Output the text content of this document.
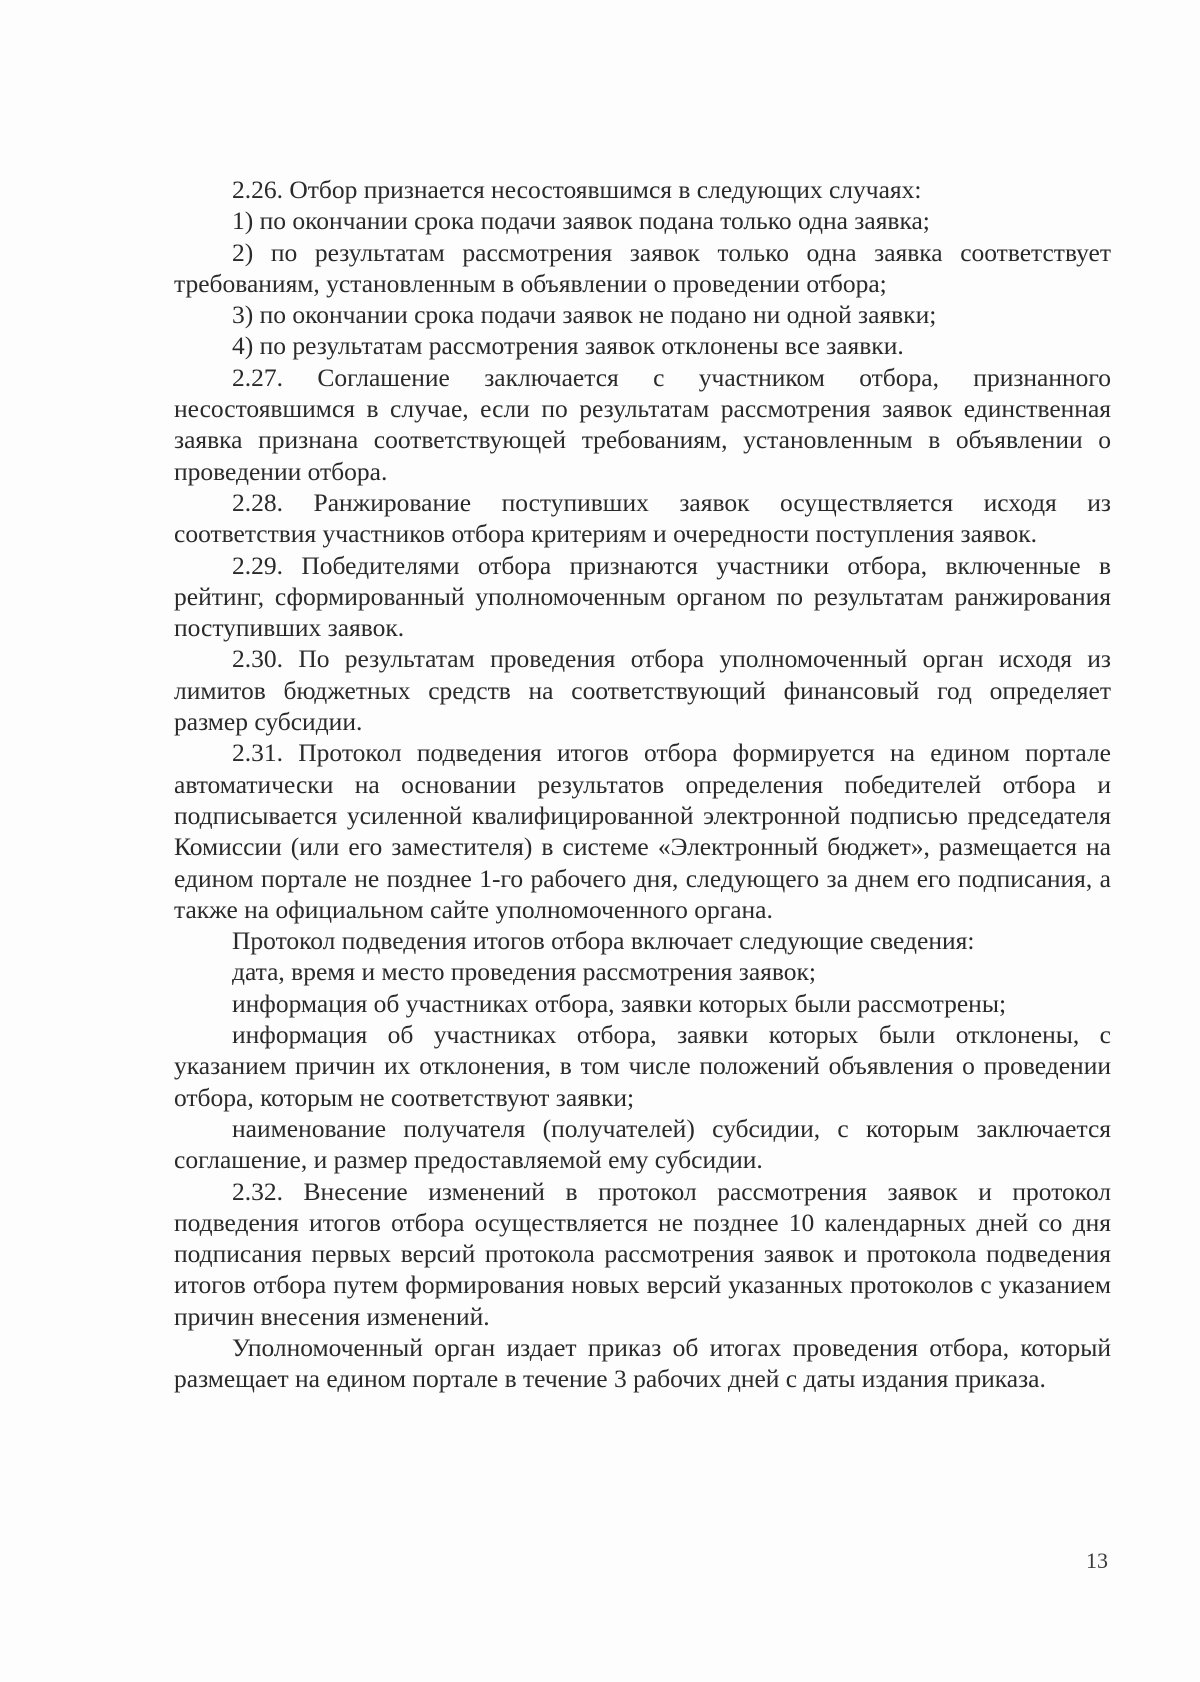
2.26. Отбор признается несостоявшимся в следующих случаях:

1) по окончании срока подачи заявок подана только одна заявка;

2) по результатам рассмотрения заявок только одна заявка соответствует требованиям, установленным в объявлении о проведении отбора;

3) по окончании срока подачи заявок не подано ни одной заявки;

4) по результатам рассмотрения заявок отклонены все заявки.

2.27. Соглашение заключается с участником отбора, признанного несостоявшимся в случае, если по результатам рассмотрения заявок единственная заявка признана соответствующей требованиям, установленным в объявлении о проведении отбора.

2.28. Ранжирование поступивших заявок осуществляется исходя из соответствия участников отбора критериям и очередности поступления заявок.

2.29. Победителями отбора признаются участники отбора, включенные в рейтинг, сформированный уполномоченным органом по результатам ранжирования поступивших заявок.

2.30. По результатам проведения отбора уполномоченный орган исходя из лимитов бюджетных средств на соответствующий финансовый год определяет размер субсидии.

2.31. Протокол подведения итогов отбора формируется на едином портале автоматически на основании результатов определения победителей отбора и подписывается усиленной квалифицированной электронной подписью председателя Комиссии (или его заместителя) в системе «Электронный бюджет», размещается на едином портале не позднее 1-го рабочего дня, следующего за днем его подписания, а также на официальном сайте уполномоченного органа.

Протокол подведения итогов отбора включает следующие сведения:

дата, время и место проведения рассмотрения заявок;

информация об участниках отбора, заявки которых были рассмотрены;

информация об участниках отбора, заявки которых были отклонены, с указанием причин их отклонения, в том числе положений объявления о проведении отбора, которым не соответствуют заявки;

наименование получателя (получателей) субсидии, с которым заключается соглашение, и размер предоставляемой ему субсидии.

2.32. Внесение изменений в протокол рассмотрения заявок и протокол подведения итогов отбора осуществляется не позднее 10 календарных дней со дня подписания первых версий протокола рассмотрения заявок и протокола подведения итогов отбора путем формирования новых версий указанных протоколов с указанием причин внесения изменений.

Уполномоченный орган издает приказ об итогах проведения отбора, который размещает на едином портале в течение 3 рабочих дней с даты издания приказа.

13
